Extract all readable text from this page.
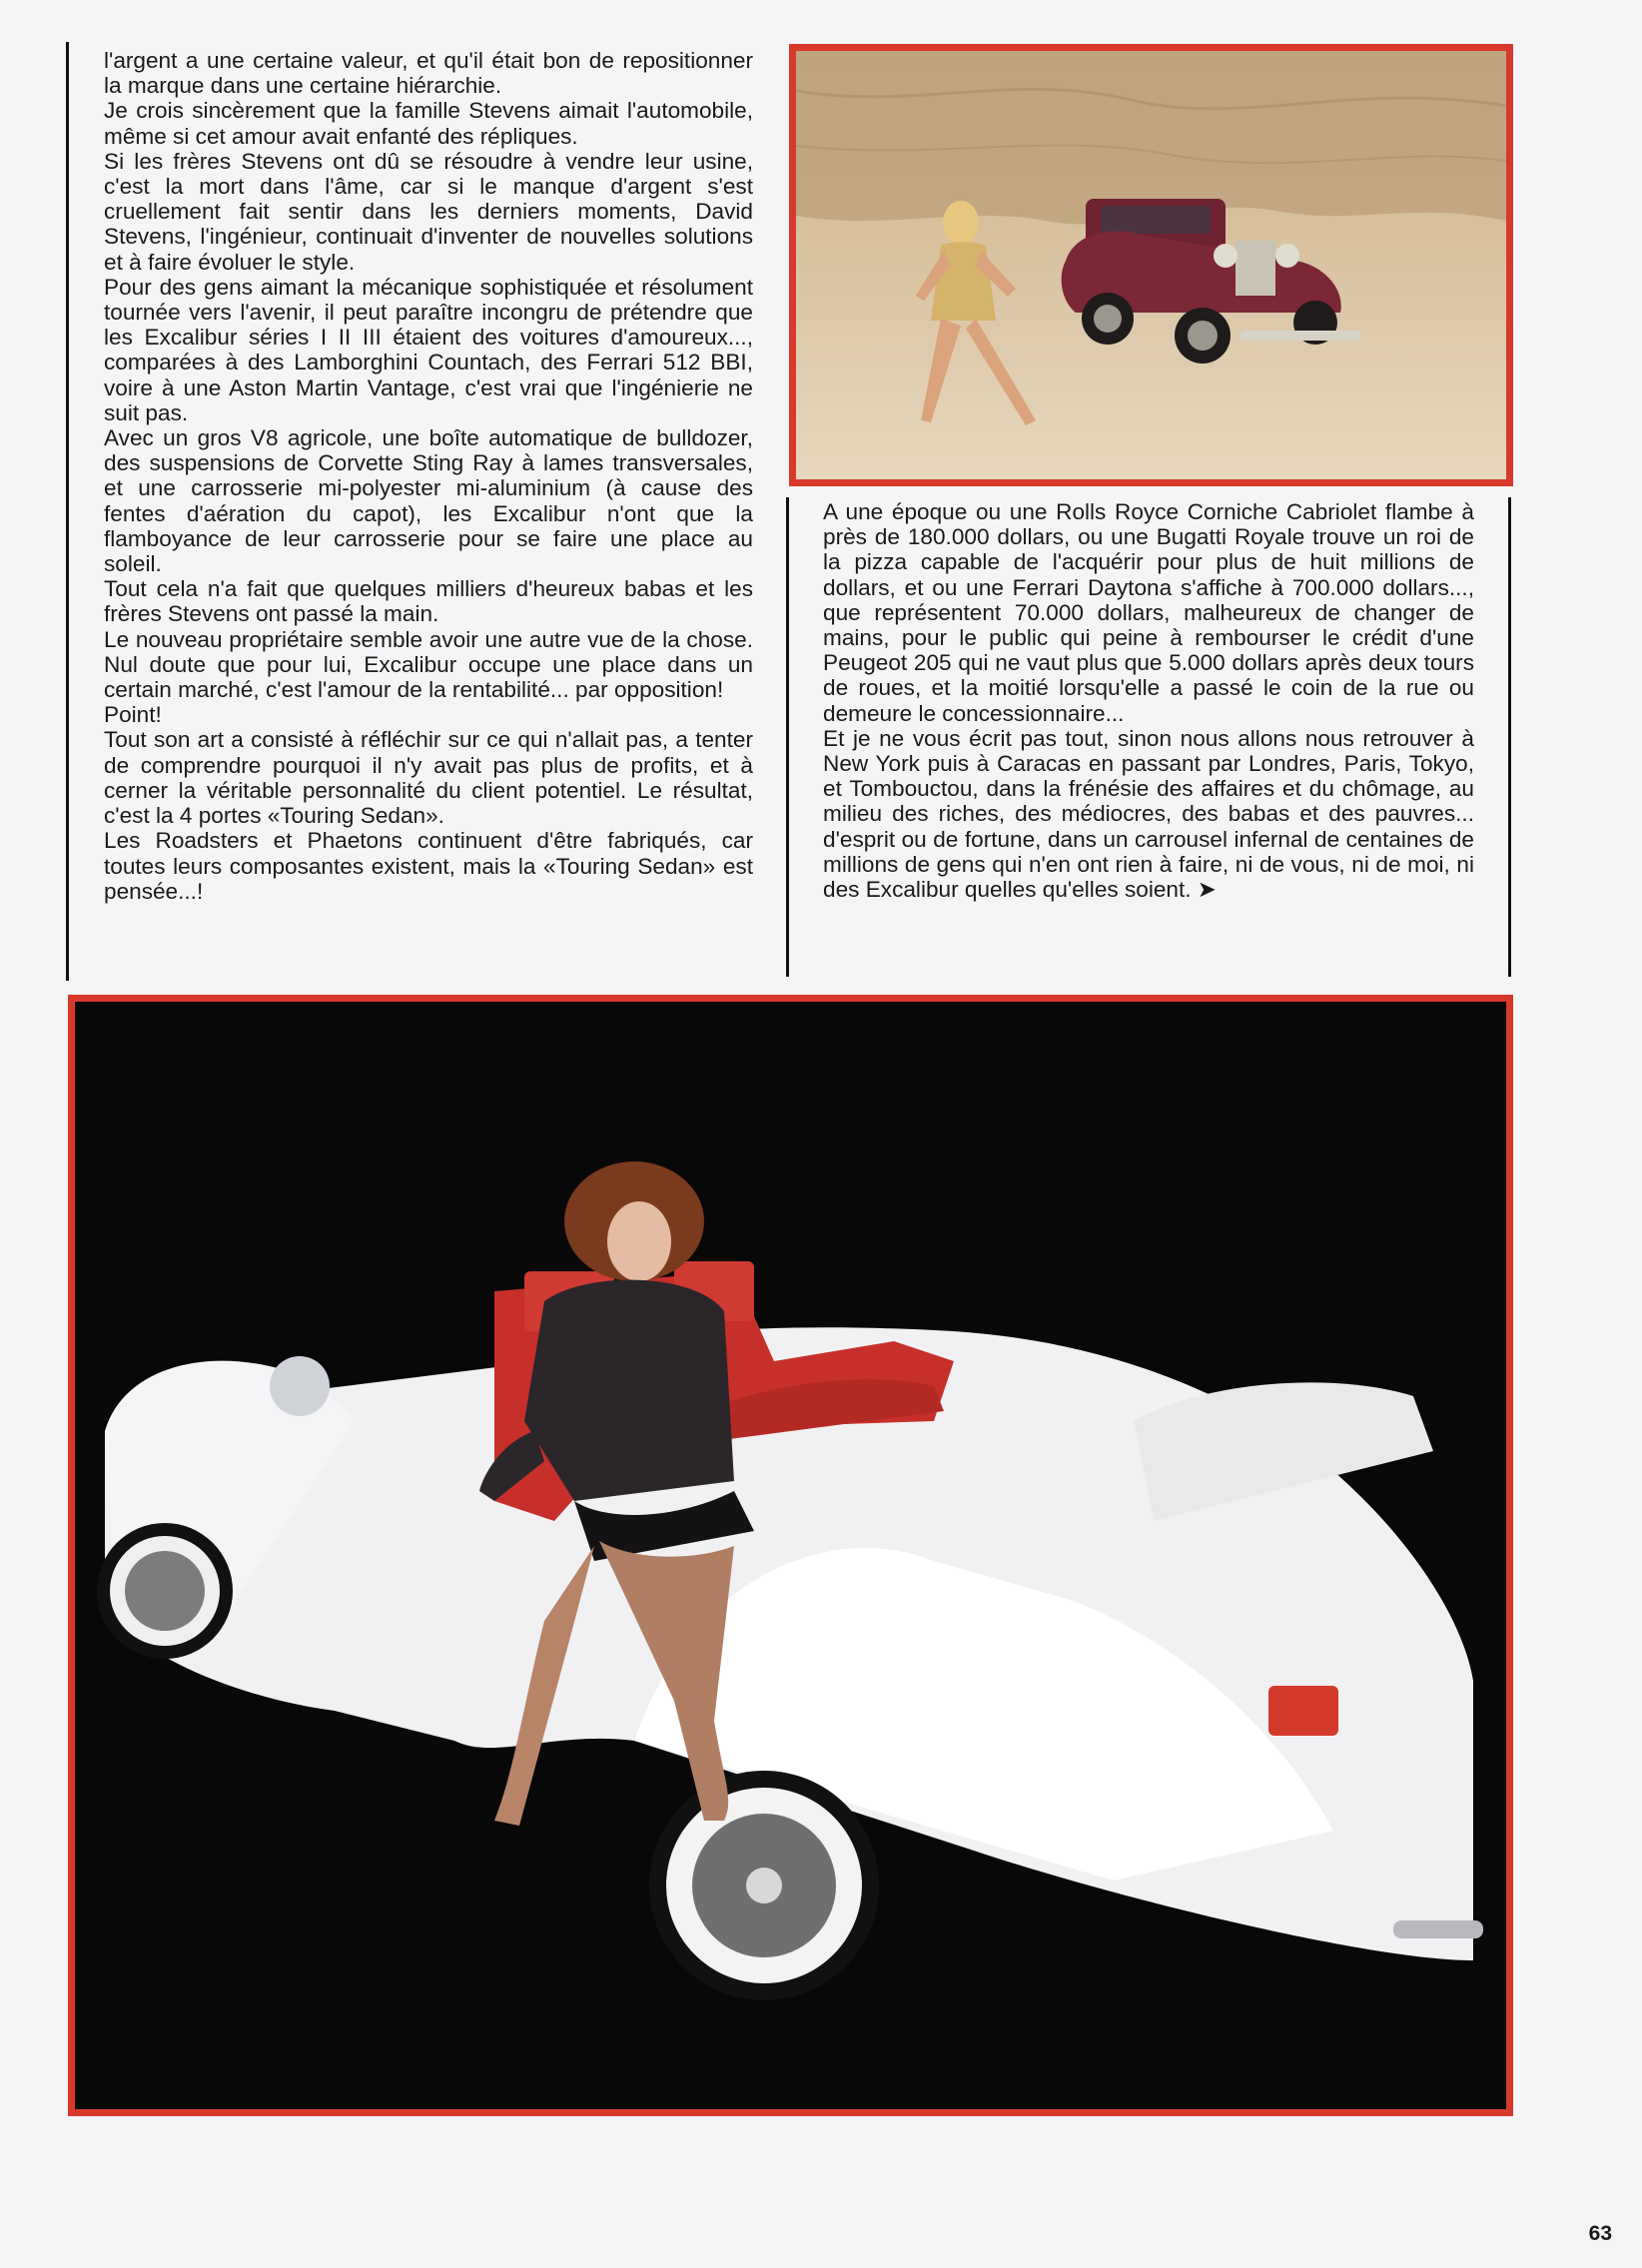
l'argent a une certaine valeur, et qu'il était bon de repositionner la marque dans une certaine hiérarchie.

Je crois sincèrement que la famille Stevens aimait l'automobile, même si cet amour avait enfanté des répliques.

Si les frères Stevens ont dû se résoudre à vendre leur usine, c'est la mort dans l'âme, car si le manque d'argent s'est cruellement fait sentir dans les derniers moments, David Stevens, l'ingénieur, continuait d'inventer de nouvelles solutions et à faire évoluer le style.

Pour des gens aimant la mécanique sophistiquée et résolument tournée vers l'avenir, il peut paraître incongru de prétendre que les Excalibur séries I II III étaient des voitures d'amoureux..., comparées à des Lamborghini Countach, des Ferrari 512 BBI, voire à une Aston Martin Vantage, c'est vrai que l'ingénierie ne suit pas.

Avec un gros V8 agricole, une boîte automatique de bulldozer, des suspensions de Corvette Sting Ray à lames transversales, et une carrosserie mi-polyester mi-aluminium (à cause des fentes d'aération du capot), les Excalibur n'ont que la flamboyance de leur carrosserie pour se faire une place au soleil.

Tout cela n'a fait que quelques milliers d'heureux babas et les frères Stevens ont passé la main.

Le nouveau propriétaire semble avoir une autre vue de la chose. Nul doute que pour lui, Excalibur occupe une place dans un certain marché, c'est l'amour de la rentabilité... par opposition!

Point!

Tout son art a consisté à réfléchir sur ce qui n'allait pas, a tenter de comprendre pourquoi il n'y avait pas plus de profits, et à cerner la véritable personnalité du client potentiel. Le résultat, c'est la 4 portes «Touring Sedan».

Les Roadsters et Phaetons continuent d'être fabriqués, car toutes leurs composantes existent, mais la «Touring Sedan» est pensée...!

A une époque ou une Rolls Royce Corniche Cabriolet flambe à près de 180.000 dollars, ou une Bugatti Royale trouve un roi de la pizza capable de l'acquérir pour plus de huit millions de dollars, et ou une Ferrari Daytona s'affiche à 700.000 dollars..., que représentent 70.000 dollars, malheureux de changer de mains, pour le public qui peine à rembourser le crédit d'une Peugeot 205 qui ne vaut plus que 5.000 dollars après deux tours de roues, et la moitié lorsqu'elle a passé le coin de la rue ou demeure le concessionnaire...

Et je ne vous écrit pas tout, sinon nous allons nous retrouver à New York puis à Caracas en passant par Londres, Paris, Tokyo, et Tombouctou, dans la frénésie des affaires et du chômage, au milieu des riches, des médiocres, des babas et des pauvres... d'esprit ou de fortune, dans un carrousel infernal de centaines de millions de gens qui n'en ont rien à faire, ni de vous, ni de moi, ni des Excalibur quelles qu'elles soient. ➤

63
